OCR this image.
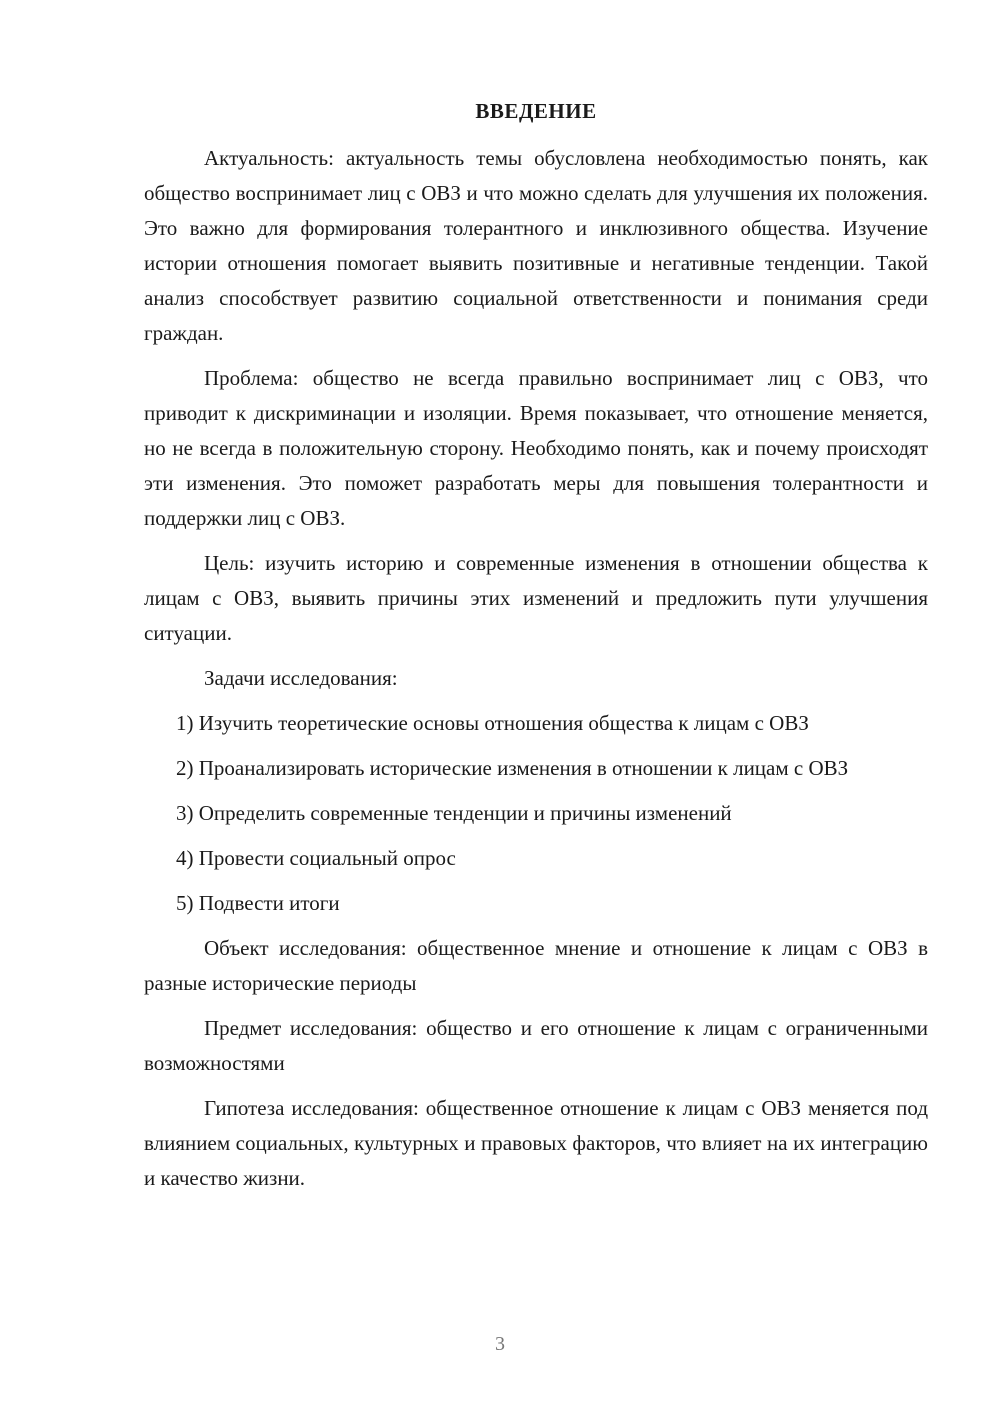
ВВЕДЕНИЕ

Актуальность: актуальность темы обусловлена необходимостью понять, как общество воспринимает лиц с ОВЗ и что можно сделать для улучшения их положения. Это важно для формирования толерантного и инклюзивного общества. Изучение истории отношения помогает выявить позитивные и негативные тенденции. Такой анализ способствует развитию социальной ответственности и понимания среди граждан.

Проблема: общество не всегда правильно воспринимает лиц с ОВЗ, что приводит к дискриминации и изоляции. Время показывает, что отношение меняется, но не всегда в положительную сторону. Необходимо понять, как и почему происходят эти изменения. Это поможет разработать меры для повышения толерантности и поддержки лиц с ОВЗ.

Цель: изучить историю и современные изменения в отношении общества к лицам с ОВЗ, выявить причины этих изменений и предложить пути улучшения ситуации.

Задачи исследования:

1) Изучить теоретические основы отношения общества к лицам с ОВЗ

2) Проанализировать исторические изменения в отношении к лицам с ОВЗ

3) Определить современные тенденции и причины изменений

4) Провести социальный опрос

5) Подвести итоги

Объект исследования: общественное мнение и отношение к лицам с ОВЗ в разные исторические периоды

Предмет исследования: общество и его отношение к лицам с ограниченными возможностями

Гипотеза исследования: общественное отношение к лицам с ОВЗ меняется под влиянием социальных, культурных и правовых факторов, что влияет на их интеграцию и качество жизни.

3
